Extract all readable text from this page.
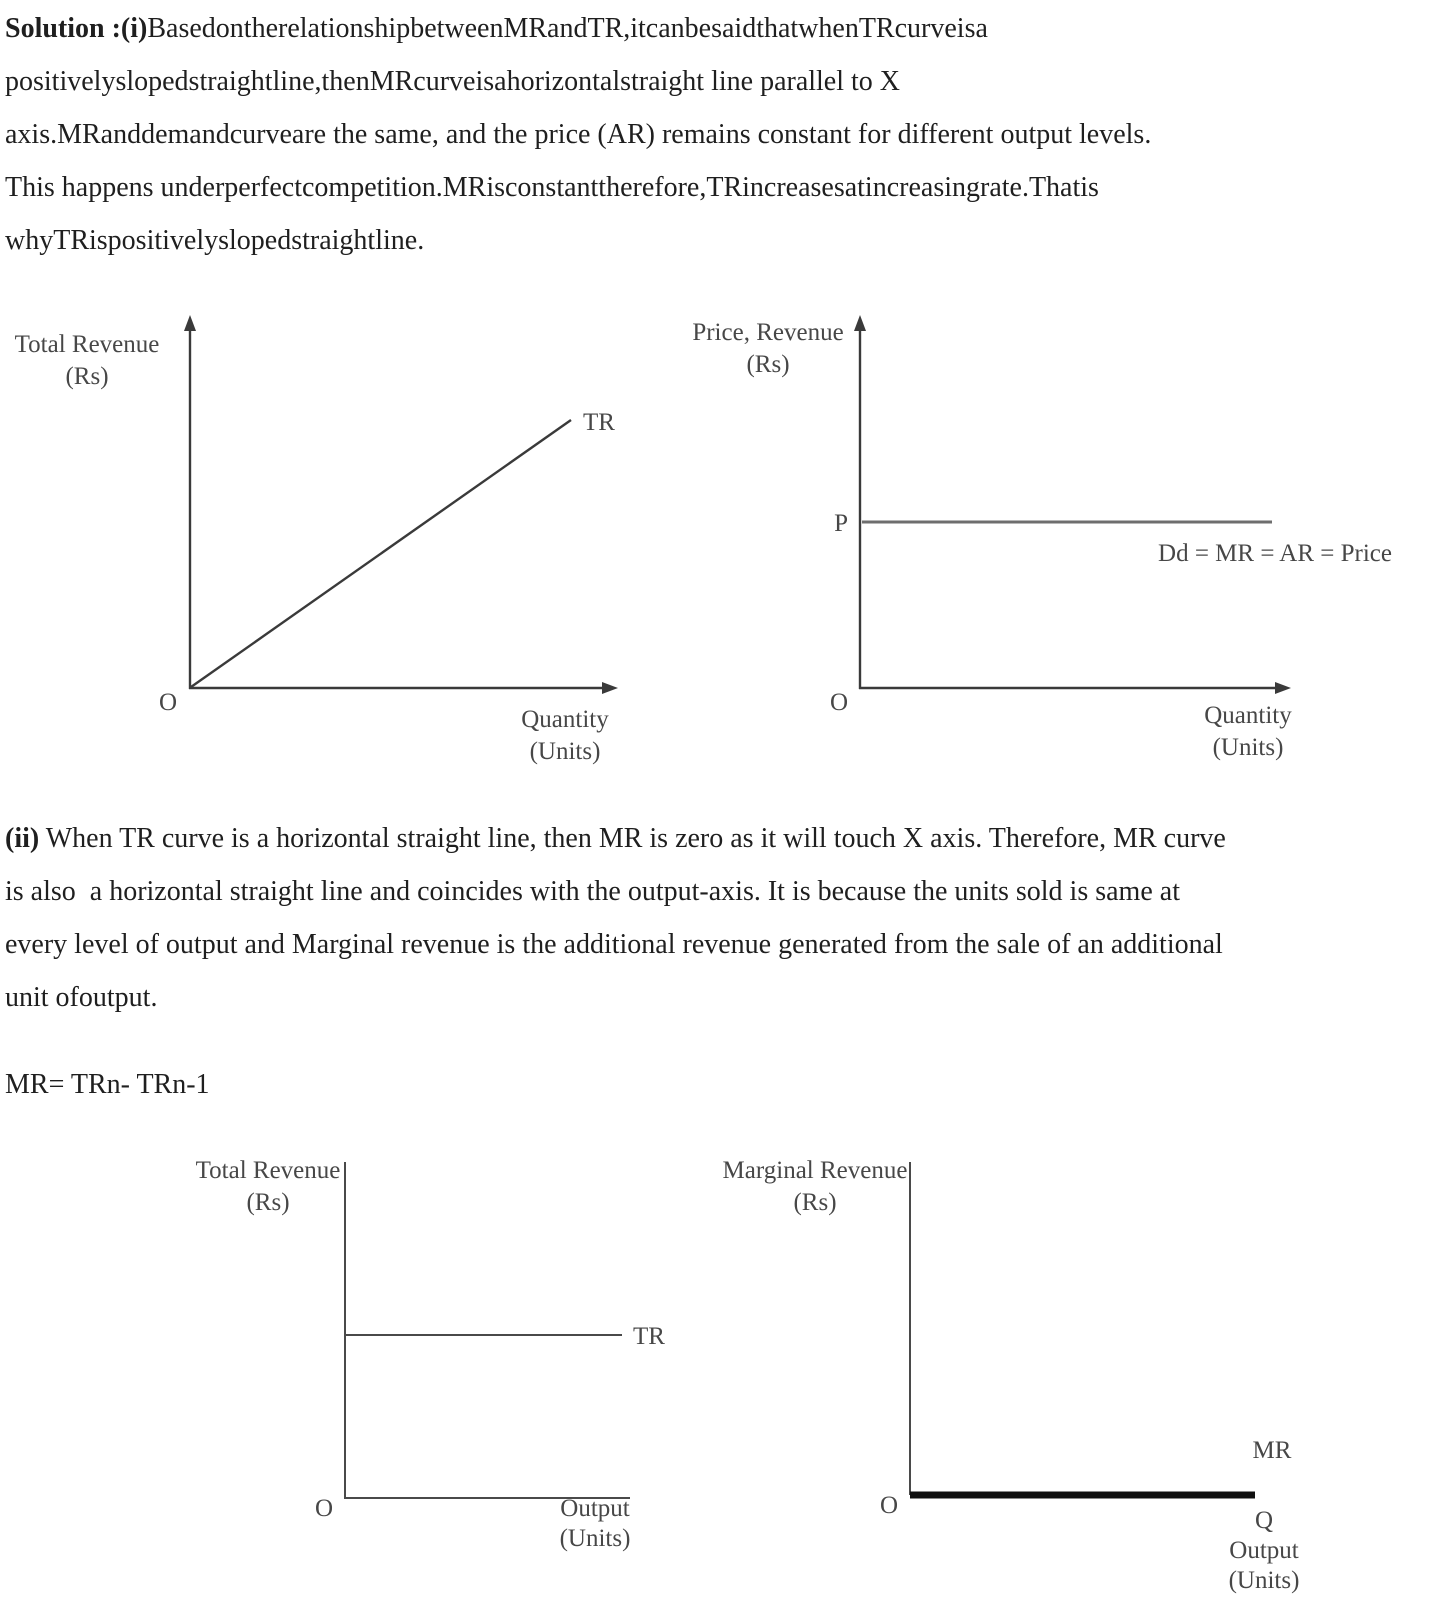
Solution :(i)BasedontherelationshipbetweenMRandTR,itcanbesaidthatwhenTRcurveisa
positivelyslopedstraightline,thenMRcurveisahorizontalstraight line parallel to X
axis.MRanddemandcurveare the same, and the price (AR) remains constant for different output levels.
This happens underperfectcompetition.MRisconstanttherefore,TRincreasesatincreasingrate.Thatis
whyTRispositivelyslopedstraightline.

TR
Total Revenue
(Rs)
O
Quantity
(Units)
P
Dd = MR = AR = Price
Price, Revenue
(Rs)
O	Quantity
(Units)

(ii) When TR curve is a horizontal straight line, then MR is zero as it will touch X axis. Therefore, MR curve
is also  a horizontal straight line and coincides with the output-axis. It is because the units sold is same at
every level of output and Marginal revenue is the additional revenue generated from the sale of an additional
unit ofoutput.

MR= TRn- TRn-1

TR
Total Revenue
(Rs)
O	Output
(Units)
MR
Marginal Revenue
(Rs)
O
Q
Output
(Units)
